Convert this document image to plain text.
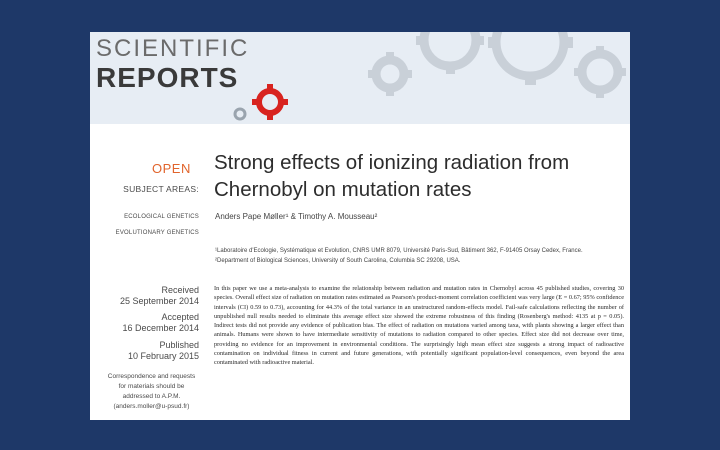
SCIENTIFIC
REPORTS
OPEN
SUBJECT AREAS:
ECOLOGICAL GENETICS
EVOLUTIONARY GENETICS
Received
25 September 2014
Accepted
16 December 2014
Published
10 February 2015
Correspondence and requests for materials should be addressed to A.P.M. (anders.moller@u-psud.fr)
Strong effects of ionizing radiation from Chernobyl on mutation rates
Anders Pape Møller¹ & Timothy A. Mousseau²
¹Laboratoire d'Ecologie, Systématique et Evolution, CNRS UMR 8079, Université Paris-Sud, Bâtiment 362, F-91405 Orsay Cedex, France. ²Department of Biological Sciences, University of South Carolina, Columbia SC 29208, USA.
In this paper we use a meta-analysis to examine the relationship between radiation and mutation rates in Chernobyl across 45 published studies, covering 30 species. Overall effect size of radiation on mutation rates estimated as Pearson's product-moment correlation coefficient was very large (E = 0.67; 95% confidence intervals (CI) 0.59 to 0.73), accounting for 44.3% of the total variance in an unstructured random-effects model. Fail-safe calculations reflecting the number of unpublished null results needed to eliminate this average effect size showed the extreme robustness of this finding (Rosenberg's method: 4135 at p = 0.05). Indirect tests did not provide any evidence of publication bias. The effect of radiation on mutations varied among taxa, with plants showing a larger effect than animals. Humans were shown to have intermediate sensitivity of mutations to radiation compared to other species. Effect size did not decrease over time, providing no evidence for an improvement in environmental conditions. The surprisingly high mean effect size suggests a strong impact of radioactive contamination on individual fitness in current and future generations, with potentially significant population-level consequences, even beyond the area contaminated with radioactive material.
